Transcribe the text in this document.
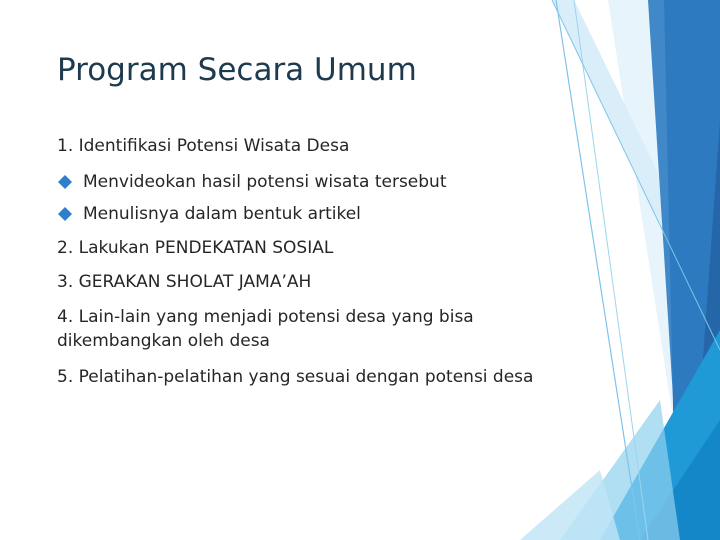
Program Secara Umum

1. Identifikasi Potensi Wisata Desa

Menvideokan hasil potensi wisata tersebut
Menulisnya dalam bentuk artikel

2. Lakukan PENDEKATAN SOSIAL

3. GERAKAN SHOLAT JAMA’AH

4. Lain-lain yang menjadi potensi desa yang bisa dikembangkan oleh desa

5. Pelatihan-pelatihan yang sesuai dengan potensi desa
